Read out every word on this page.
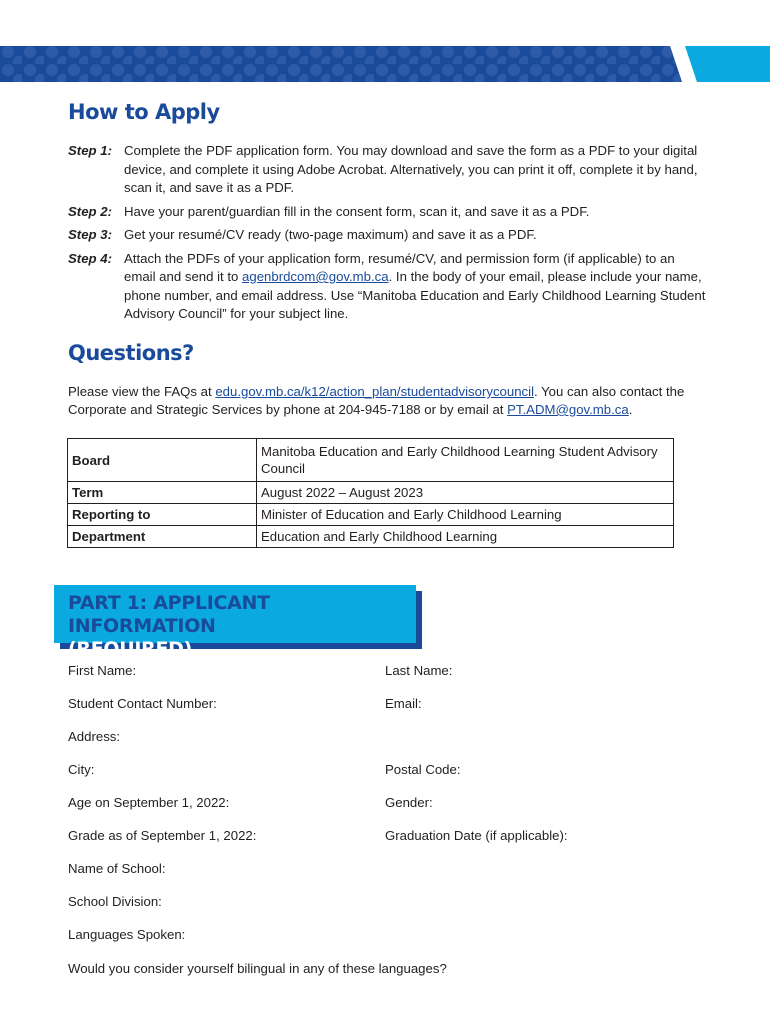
How to Apply
Step 1: Complete the PDF application form. You may download and save the form as a PDF to your digital device, and complete it using Adobe Acrobat. Alternatively, you can print it off, complete it by hand, scan it, and save it as a PDF.
Step 2: Have your parent/guardian fill in the consent form, scan it, and save it as a PDF.
Step 3: Get your resumé/CV ready (two-page maximum) and save it as a PDF.
Step 4: Attach the PDFs of your application form, resumé/CV, and permission form (if applicable) to an email and send it to agenbrdcom@gov.mb.ca. In the body of your email, please include your name, phone number, and email address. Use “Manitoba Education and Early Childhood Learning Student Advisory Council” for your subject line.
Questions?
Please view the FAQs at edu.gov.mb.ca/k12/action_plan/studentadvisorycouncil. You can also contact the Corporate and Strategic Services by phone at 204-945-7188 or by email at PT.ADM@gov.mb.ca.
Board	Manitoba Education and Early Childhood Learning Student Advisory Council
Term	August 2022 – August 2023
Reporting to	Minister of Education and Early Childhood Learning
Department	Education and Early Childhood Learning
PART 1: APPLICANT INFORMATION
(REQUIRED)
First Name:	Last Name:
Student Contact Number:	Email:
Address:
City:	Postal Code:
Age on September 1, 2022:	Gender:
Grade as of September 1, 2022:	Graduation Date (if applicable):
Name of School:
School Division:
Languages Spoken:
Would you consider yourself bilingual in any of these languages?
